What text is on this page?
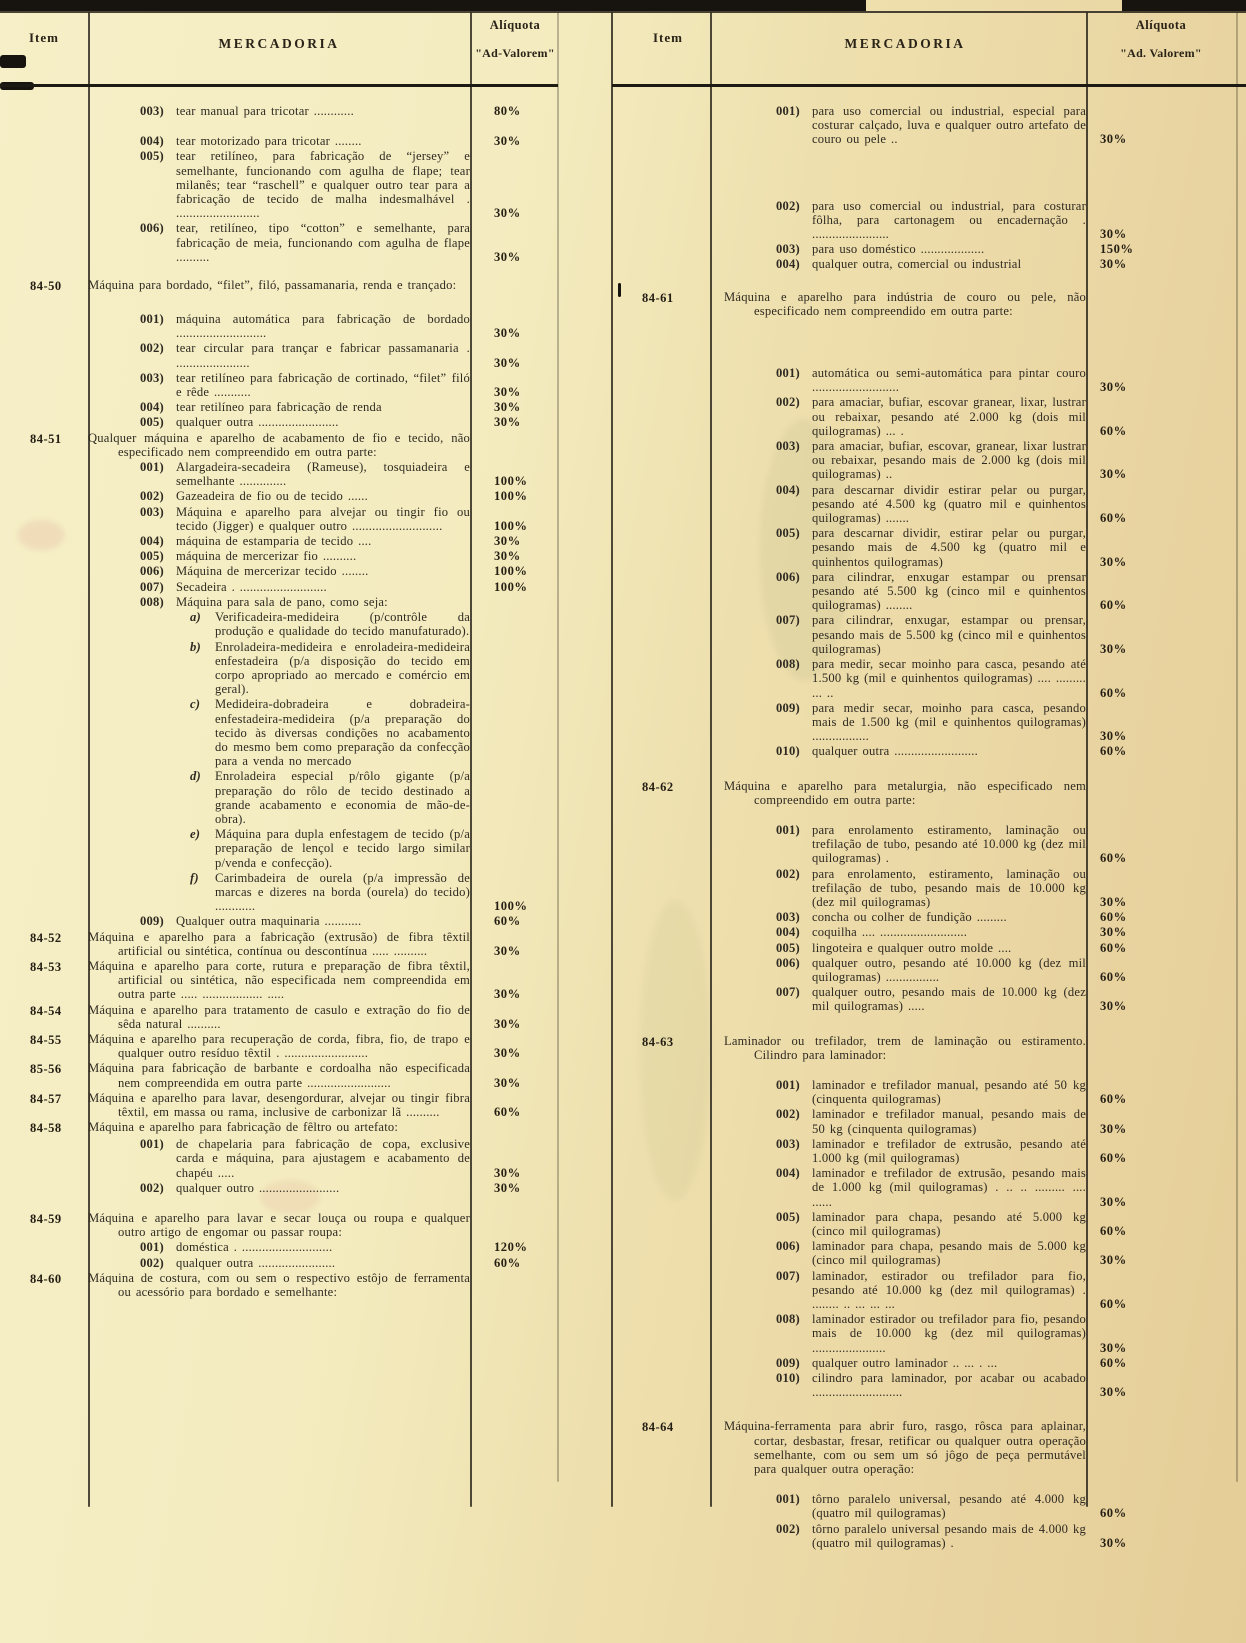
Item	MERCADORIA
Alíquota
"Ad-Valorem"
Item	MERCADORIA
Alíquota
"Ad. Valorem"
003) tear manual para tricotar ............	80%
004) tear motorizado para tricotar ........	30%
005) tear retilíneo, para fabricação de “jersey” e semelhante, funcionando com agulha de flape; tear milanês; tear “raschell” e qualquer outro tear para a fabricação de tecido de malha indesmalhável . .........................	30%
006) tear, retilíneo, tipo “cotton” e semelhante, para fabricação de meia, funcionando com agulha de flape ..........	30%
84-50	Máquina para bordado, “filet”, filó, passamanaria, renda e trançado:
001) máquina automática para fabricação de bordado ...........................	30%
002) tear circular para trançar e fabricar passamanaria . ......................	30%
003) tear retilíneo para fabricação de cortinado, “filet” filó e rêde ...........	30%
004) tear retilíneo para fabricação de renda	30%
005) qualquer outra ........................	30%
84-51	Qualquer máquina e aparelho de acabamento de fio e tecido, não especificado nem compreendido em outra parte:
001) Alargadeira-secadeira (Rameuse), tosquiadeira e semelhante ..............	100%
002) Gazeadeira de fio ou de tecido ......	100%
003) Máquina e aparelho para alvejar ou tingir fio ou tecido (Jigger) e qualquer outro ...........................	100%
004) máquina de estamparia de tecido ....	30%
005) máquina de mercerizar fio ..........	30%
006) Máquina de mercerizar tecido ........	100%
007) Secadeira . ..........................	100%
008) Máquina para sala de pano, como seja:
a) Verificadeira-medideira (p/contrôle da produção e qualidade do tecido manufaturado).
b) Enroladeira-medideira e enroladeira-medideira enfestadeira (p/a disposição do tecido em corpo apropriado ao mercado e comércio em geral).
c) Medideira-dobradeira e dobradeira-enfestadeira-medideira (p/a preparação do tecido às diversas condições no acabamento do mesmo bem como preparação da confecção para a venda no mercado
d) Enroladeira especial p/rôlo gigante (p/a preparação do rôlo de tecido destinado a grande acabamento e economia de mão-de-obra).
e) Máquina para dupla enfestagem de tecido (p/a preparação de lençol e tecido largo similar p/venda e confecção).
f) Carimbadeira de ourela (p/a impressão de marcas e dizeres na borda (ourela) do tecido) ............	100%
009) Qualquer outra maquinaria ...........	60%
84-52	Máquina e aparelho para a fabricação (extrusão) de fibra têxtil artificial ou sintética, contínua ou descontínua ..... ..........	30%
84-53	Máquina e aparelho para corte, rutura e preparação de fibra têxtil, artificial ou sintética, não especificada nem compreendida em outra parte ..... .................. .....	30%
84-54	Máquina e aparelho para tratamento de casulo e extração do fio de sêda natural ..........	30%
84-55	Máquina e aparelho para recuperação de corda, fibra, fio, de trapo e qualquer outro resíduo têxtil . .........................	30%
85-56	Máquina para fabricação de barbante e cordoalha não especificada nem compreendida em outra parte .........................	30%
84-57	Máquina e aparelho para lavar, desengordurar, alvejar ou tingir fibra têxtil, em massa ou rama, inclusive de carbonizar lã ..........	60%
84-58	Máquina e aparelho para fabricação de fêltro ou artefato:
001) de chapelaria para fabricação de copa, exclusive carda e máquina, para ajustagem e acabamento de chapéu .....	30%
002) qualquer outro ........................	30%
84-59	Máquina e aparelho para lavar e secar louça ou roupa e qualquer outro artigo de engomar ou passar roupa:
001) doméstica . ...........................	120%
002) qualquer outra .......................	60%
84-60	Máquina de costura, com ou sem o respectivo estôjo de ferramenta ou acessório para bordado e semelhante:
001) para uso comercial ou industrial, especial para costurar calçado, luva e qualquer outro artefato de couro ou pele ..	30%
002) para uso comercial ou industrial, para costurar fôlha, para cartonagem ou encadernação . .......................	30%
003) para uso doméstico ...................	150%
004) qualquer outra, comercial ou industrial	30%
84-61	Máquina e aparelho para indústria de couro ou pele, não especificado nem compreendido em outra parte:
001) automática ou semi-automática para pintar couro ..........................	30%
002) para amaciar, bufiar, escovar granear, lixar, lustrar ou rebaixar, pesando até 2.000 kg (dois mil quilogramas) ... .	60%
003) para amaciar, bufiar, escovar, granear, lixar lustrar ou rebaixar, pesando mais de 2.000 kg (dois mil quilogramas) ..	30%
004) para descarnar dividir estirar pelar ou purgar, pesando até 4.500 kg (quatro mil e quinhentos quilogramas) .......	60%
005) para descarnar dividir, estirar pelar ou purgar, pesando mais de 4.500 kg (quatro mil e quinhentos quilogramas)	30%
006) para cilindrar, enxugar estampar ou prensar pesando até 5.500 kg (cinco mil e quinhentos quilogramas) ........	60%
007) para cilindrar, enxugar, estampar ou prensar, pesando mais de 5.500 kg (cinco mil e quinhentos quilogramas)	30%
008) para medir, secar moinho para casca, pesando até 1.500 kg (mil e quinhentos quilogramas) .... ......... ... ..	60%
009) para medir secar, moinho para casca, pesando mais de 1.500 kg (mil e quinhentos quilogramas) .................	30%
010) qualquer outra .........................	60%
84-62	Máquina e aparelho para metalurgia, não especificado nem compreendido em outra parte:
001) para enrolamento estiramento, laminação ou trefilação de tubo, pesando até 10.000 kg (dez mil quilogramas) .	60%
002) para enrolamento, estiramento, laminação ou trefilação de tubo, pesando mais de 10.000 kg (dez mil quilogramas)	30%
003) concha ou colher de fundição .........	60%
004) coquilha .... ..........................	30%
005) lingoteira e qualquer outro molde ....	60%
006) qualquer outro, pesando até 10.000 kg (dez mil quilogramas) ................	60%
007) qualquer outro, pesando mais de 10.000 kg (dez mil quilogramas) .....	30%
84-63	Laminador ou trefilador, trem de laminação ou estiramento. Cilindro para laminador:
001) laminador e trefilador manual, pesando até 50 kg (cinquenta quilogramas)	60%
002) laminador e trefilador manual, pesando mais de 50 kg (cinquenta quilogramas)	30%
003) laminador e trefilador de extrusão, pesando até 1.000 kg (mil quilogramas)	60%
004) laminador e trefilador de extrusão, pesando mais de 1.000 kg (mil quilogramas) . .. .. ......... .... ......	30%
005) laminador para chapa, pesando até 5.000 kg (cinco mil quilogramas)	60%
006) laminador para chapa, pesando mais de 5.000 kg (cinco mil quilogramas)	30%
007) laminador, estirador ou trefilador para fio, pesando até 10.000 kg (dez mil quilogramas) . ........ .. ... ... ...	60%
008) laminador estirador ou trefilador para fio, pesando mais de 10.000 kg (dez mil quilogramas) ......................	30%
009) qualquer outro laminador .. ... . ...	60%
010) cilindro para laminador, por acabar ou acabado ...........................	30%
84-64	Máquina-ferramenta para abrir furo, rasgo, rôsca para aplainar, cortar, desbastar, fresar, retificar ou qualquer outra operação semelhante, com ou sem um só jôgo de peça permutável para qualquer outra operação:
001) tôrno paralelo universal, pesando até 4.000 kg (quatro mil quilogramas)	60%
002) tôrno paralelo universal pesando mais de 4.000 kg (quatro mil quilogramas) .	30%
